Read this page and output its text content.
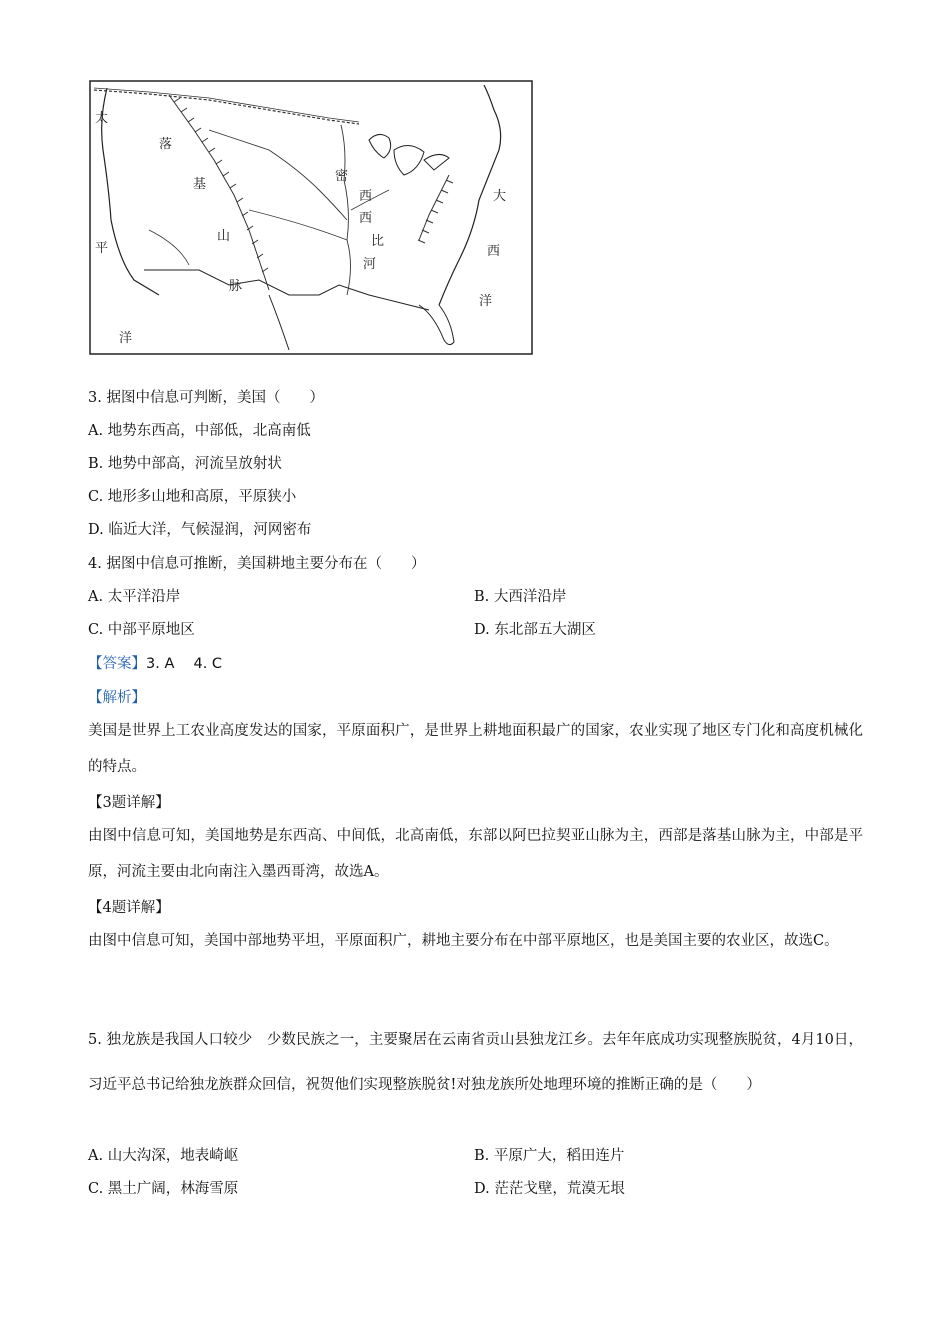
太
平
洋
落
基
山
脉
密
西
西
比
河
大
西
洋
3. 据图中信息可判断，美国（　　）
A. 地势东西高，中部低，北高南低
B. 地势中部高，河流呈放射状
C. 地形多山地和高原，平原狭小
D. 临近大洋，气候湿润，河网密布
4. 据图中信息可推断，美国耕地主要分布在（　　）
A. 太平洋沿岸	B. 大西洋沿岸
C. 中部平原地区	D. 东北部五大湖区
【答案】3. A　 4. C
【解析】
美国是世界上工农业高度发达的国家，平原面积广，是世界上耕地面积最广的国家，农业实现了地区专门化和高度机械化的特点。
【3题详解】
由图中信息可知，美国地势是东西高、中间低，北高南低，东部以阿巴拉契亚山脉为主，西部是落基山脉为主，中部是平原，河流主要由北向南注入墨西哥湾，故选A。
【4题详解】
由图中信息可知，美国中部地势平坦，平原面积广，耕地主要分布在中部平原地区，也是美国主要的农业区，故选C。
5. 独龙族是我国人口较少　少数民族之一，主要聚居在云南省贡山县独龙江乡。去年年底成功实现整族脱贫，4月10日，习近平总书记给独龙族群众回信，祝贺他们实现整族脱贫!对独龙族所处地理环境的推断正确的是（　　）
A. 山大沟深，地表崎岖	B. 平原广大，稻田连片
C. 黑土广阔，林海雪原	D. 茫茫戈壁，荒漠无垠
